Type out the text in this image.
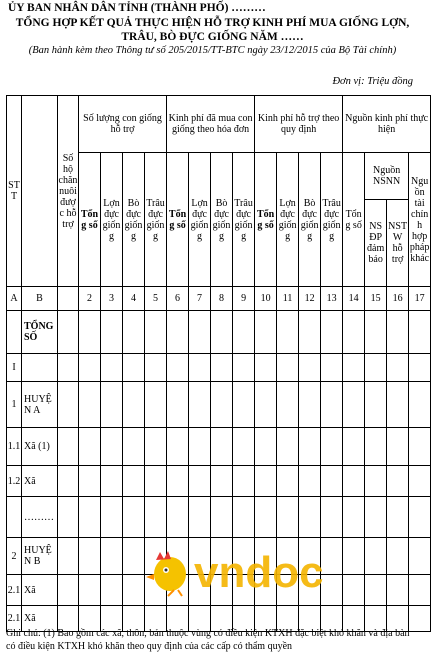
ỦY BAN NHÂN DÂN TỈNH (THÀNH PHỐ) ………
TỔNG HỢP KẾT QUẢ THỰC HIỆN HỖ TRỢ KINH PHÍ MUA GIỐNG LỢN,
TRÂU, BÒ ĐỰC GIỐNG NĂM ……
(Ban hành kèm theo Thông tư số 205/2015/TT-BTC ngày 23/12/2015 của Bộ Tài chính)
Đơn vị: Triệu đồng
STT		Số hộ chăn nuôi được hỗ trợ	Số lượng con giống hỗ trợ				Kinh phí đã mua con giống theo hóa đơn				Kinh phí hỗ trợ theo quy định				Nguồn kinh phí thực hiện			
			Tổng số	Lợn đực giống	Bò đực giống	Trâu đực giống	Tổng số	Lợn đực giống	Bò đực giống	Trâu đực giống	Tổng số	Lợn đực giống	Bò đực giống	Trâu đực giống	Tổng số	Nguồn NSNN		Nguồn tài chính hợp pháp khác
																NS ĐP đảm bảo	NSTW hỗ trợ	
A	B		2	3	4	5	6	7	8	9	10	11	12	13	14	15	16	17
	TỔNG SỐ																	
I																		
1	HUYỆN A																	
1.1	Xã (1)																	
1.2	Xã																	
	………																	
2	HUYỆN B																	
2.1	Xã																	
2.1	Xã																	
vndoc
Ghi chú: (1) Bao gồm các xã, thôn, bản thuộc vùng có điều kiện KTXH đặc biệt khó khăn và địa bàn có điều kiện KTXH khó khăn theo quy định của các cấp có thẩm quyền
